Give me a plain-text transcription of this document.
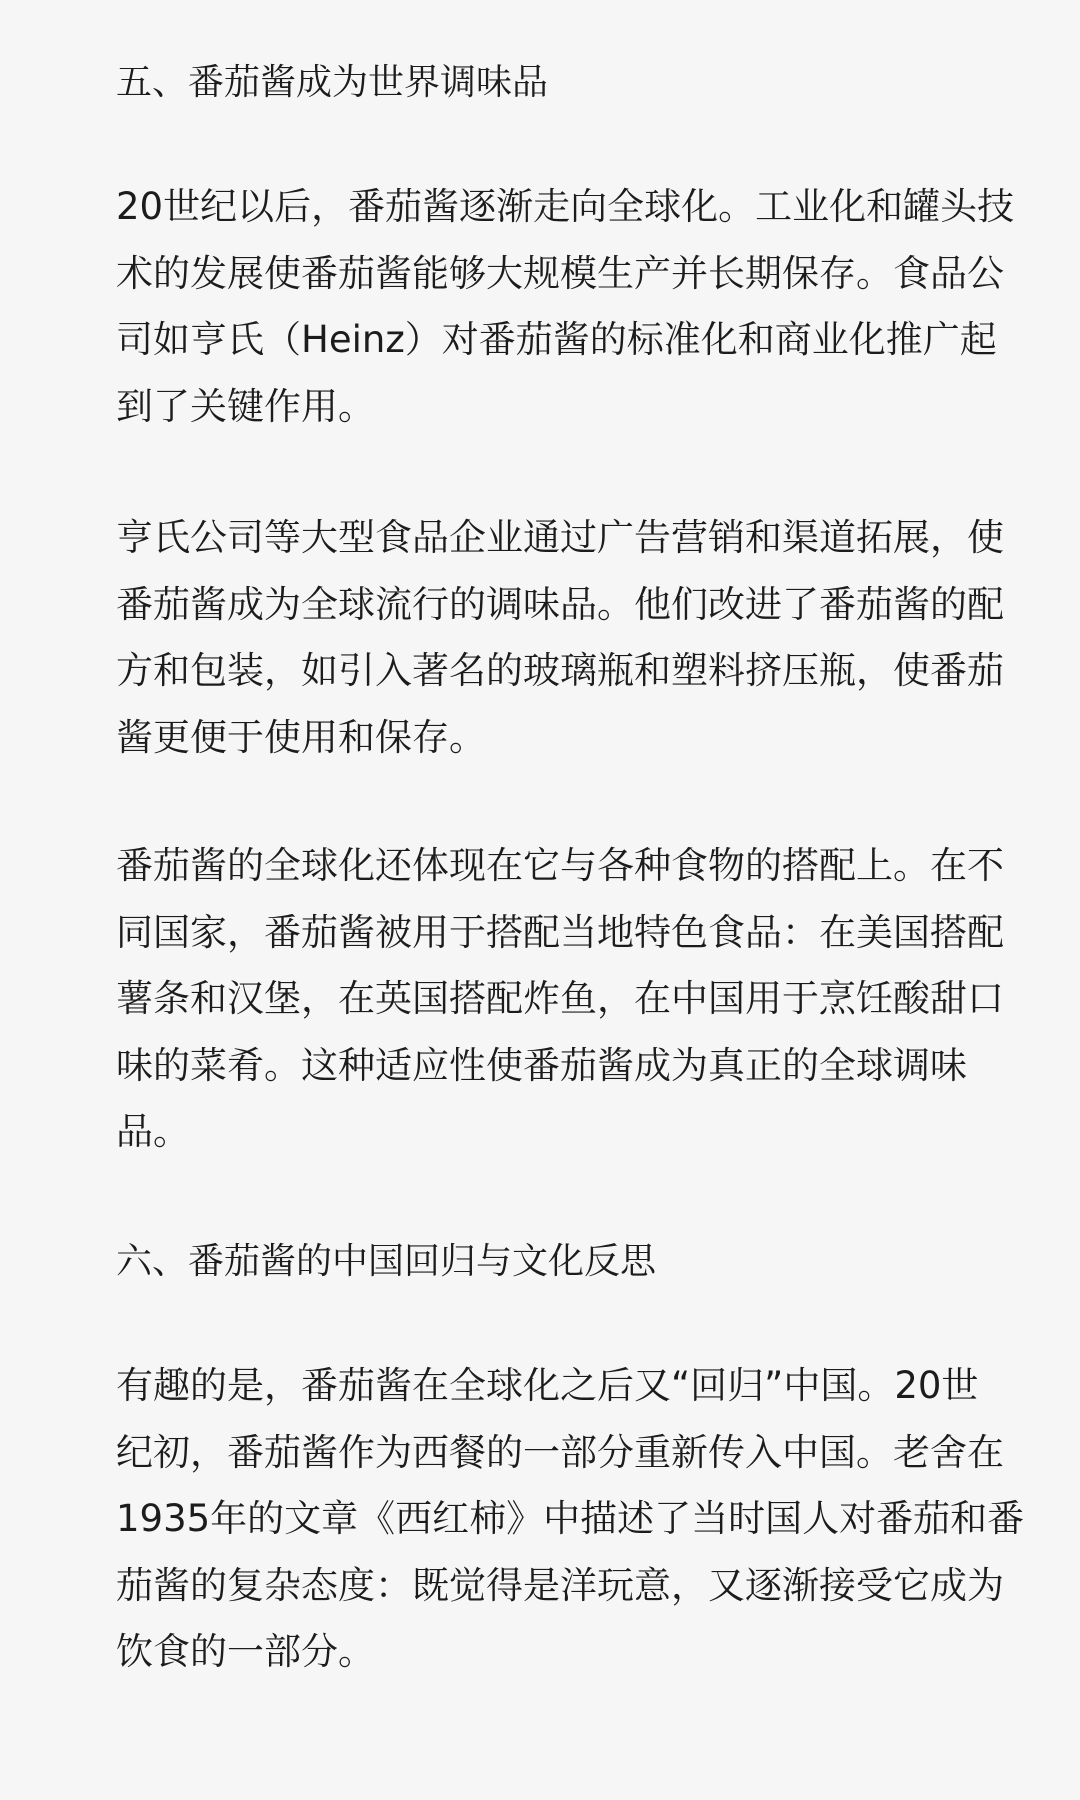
五、番茄酱成为世界调味品

20世纪以后，番茄酱逐渐走向全球化。工业化和罐头技
术的发展使番茄酱能够大规模生产并长期保存。食品公
司如亨氏（Heinz）对番茄酱的标准化和商业化推广起
到了关键作用。

亨氏公司等大型食品企业通过广告营销和渠道拓展，使
番茄酱成为全球流行的调味品。他们改进了番茄酱的配
方和包装，如引入著名的玻璃瓶和塑料挤压瓶，使番茄
酱更便于使用和保存。

番茄酱的全球化还体现在它与各种食物的搭配上。在不
同国家，番茄酱被用于搭配当地特色食品：在美国搭配
薯条和汉堡，在英国搭配炸鱼，在中国用于烹饪酸甜口
味的菜肴。这种适应性使番茄酱成为真正的全球调味
品。

六、番茄酱的中国回归与文化反思

有趣的是，番茄酱在全球化之后又“回归”中国。20世
纪初，番茄酱作为西餐的一部分重新传入中国。老舍在
1935年的文章《西红柿》中描述了当时国人对番茄和番
茄酱的复杂态度：既觉得是洋玩意，又逐渐接受它成为
饮食的一部分。
